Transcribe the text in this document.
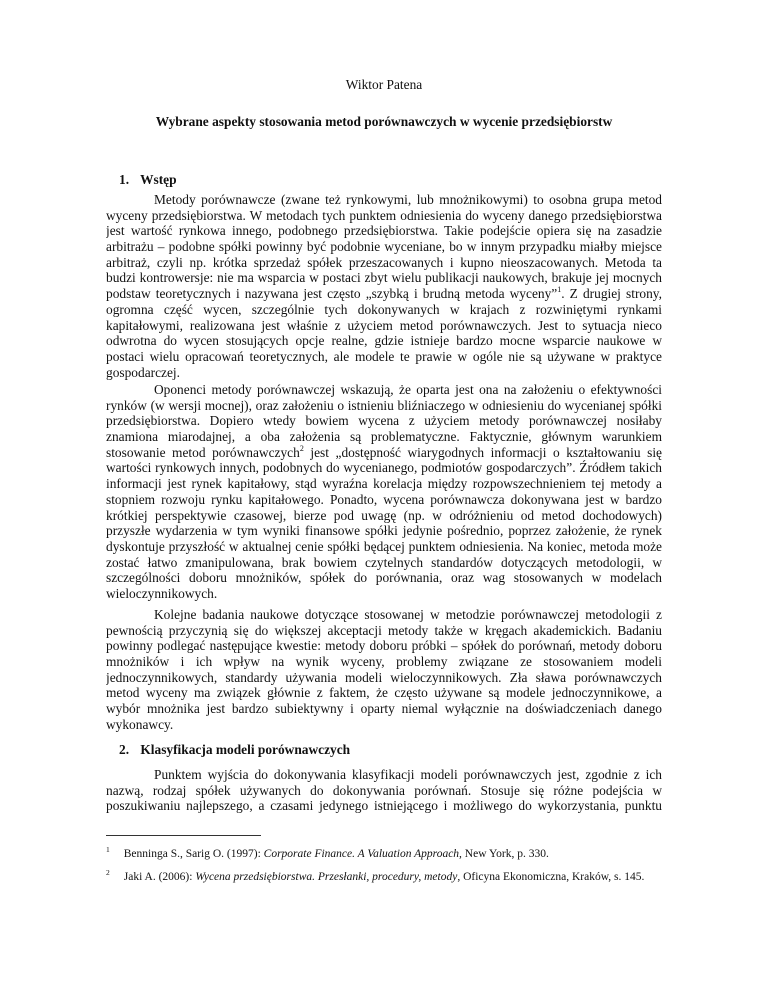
Wiktor Patena
Wybrane aspekty stosowania metod porównawczych w wycenie przedsiębiorstw
1. Wstęp
Metody porównawcze (zwane też rynkowymi, lub mnożnikowymi) to osobna grupa metod
wyceny przedsiębiorstwa. W metodach tych punktem odniesienia do wyceny danego przedsiębiorstwa
jest wartość rynkowa innego, podobnego przedsiębiorstwa. Takie podejście opiera się na zasadzie
arbitrażu – podobne spółki powinny być podobnie wyceniane, bo w innym przypadku miałby miejsce
arbitraż, czyli np. krótka sprzedaż spółek przeszacowanych i kupno nieoszacowanych. Metoda ta
budzi kontrowersje: nie ma wsparcia w postaci zbyt wielu publikacji naukowych, brakuje jej mocnych
podstaw teoretycznych i nazywana jest często „szybką i brudną metoda wyceny”$^1$. Z drugiej strony,
ogromna część wycen, szczególnie tych dokonywanych w krajach z rozwiniętymi rynkami
kapitałowymi, realizowana jest właśnie z użyciem metod porównawczych. Jest to sytuacja nieco
odwrotna do wycen stosujących opcje realne, gdzie istnieje bardzo mocne wsparcie naukowe w
postaci wielu opracowań teoretycznych, ale modele te prawie w ogóle nie są używane w praktyce
gospodarczej.
Oponenci metody porównawczej wskazują, że oparta jest ona na założeniu o efektywności
rynków (w wersji mocnej), oraz założeniu o istnieniu bliźniaczego w odniesieniu do wycenianej spółki
przedsiębiorstwa. Dopiero wtedy bowiem wycena z użyciem metody porównawczej nosiłaby
znamiona miarodajnej, a oba założenia są problematyczne. Faktycznie, głównym warunkiem
stosowanie metod porównawczych$^2$ jest „dostępność wiarygodnych informacji o kształtowaniu się
wartości rynkowych innych, podobnych do wycenianego, podmiotów gospodarczych”. Źródłem takich
informacji jest rynek kapitałowy, stąd wyraźna korelacja między rozpowszechnieniem tej metody a
stopniem rozwoju rynku kapitałowego. Ponadto, wycena porównawcza dokonywana jest w bardzo
krótkiej perspektywie czasowej, bierze pod uwagę (np. w odróżnieniu od metod dochodowych)
przyszłe wydarzenia w tym wyniki finansowe spółki jedynie pośrednio, poprzez założenie, że rynek
dyskontuje przyszłość w aktualnej cenie spółki będącej punktem odniesienia. Na koniec, metoda może
zostać łatwo zmanipulowana, brak bowiem czytelnych standardów dotyczących metodologii, w
szczególności doboru mnożników, spółek do porównania, oraz wag stosowanych w modelach
wieloczynnikowych.
Kolejne badania naukowe dotyczące stosowanej w metodzie porównawczej metodologii z
pewnością przyczynią się do większej akceptacji metody także w kręgach akademickich. Badaniu
powinny podlegać następujące kwestie: metody doboru próbki – spółek do porównań, metody doboru
mnożników i ich wpływ na wynik wyceny, problemy związane ze stosowaniem modeli
jednoczynnikowych, standardy używania modeli wieloczynnikowych. Zła sława porównawczych
metod wyceny ma związek głównie z faktem, że często używane są modele jednoczynnikowe, a
wybór mnożnika jest bardzo subiektywny i oparty niemal wyłącznie na doświadczeniach danego
wykonawcy.
2. Klasyfikacja modeli porównawczych
Punktem wyjścia do dokonywania klasyfikacji modeli porównawczych jest, zgodnie z ich
nazwą, rodzaj spółek używanych do dokonywania porównań. Stosuje się różne podejścia w
poszukiwaniu najlepszego, a czasami jedynego istniejącego i możliwego do wykorzystania, punktu
$^1$ Benninga S., Sarig O. (1997): Corporate Finance. A Valuation Approach, New York, p. 330.
$^2$ Jaki A. (2006): Wycena przedsiębiorstwa. Przesłanki, procedury, metody, Oficyna Ekonomiczna, Kraków, s. 145.
